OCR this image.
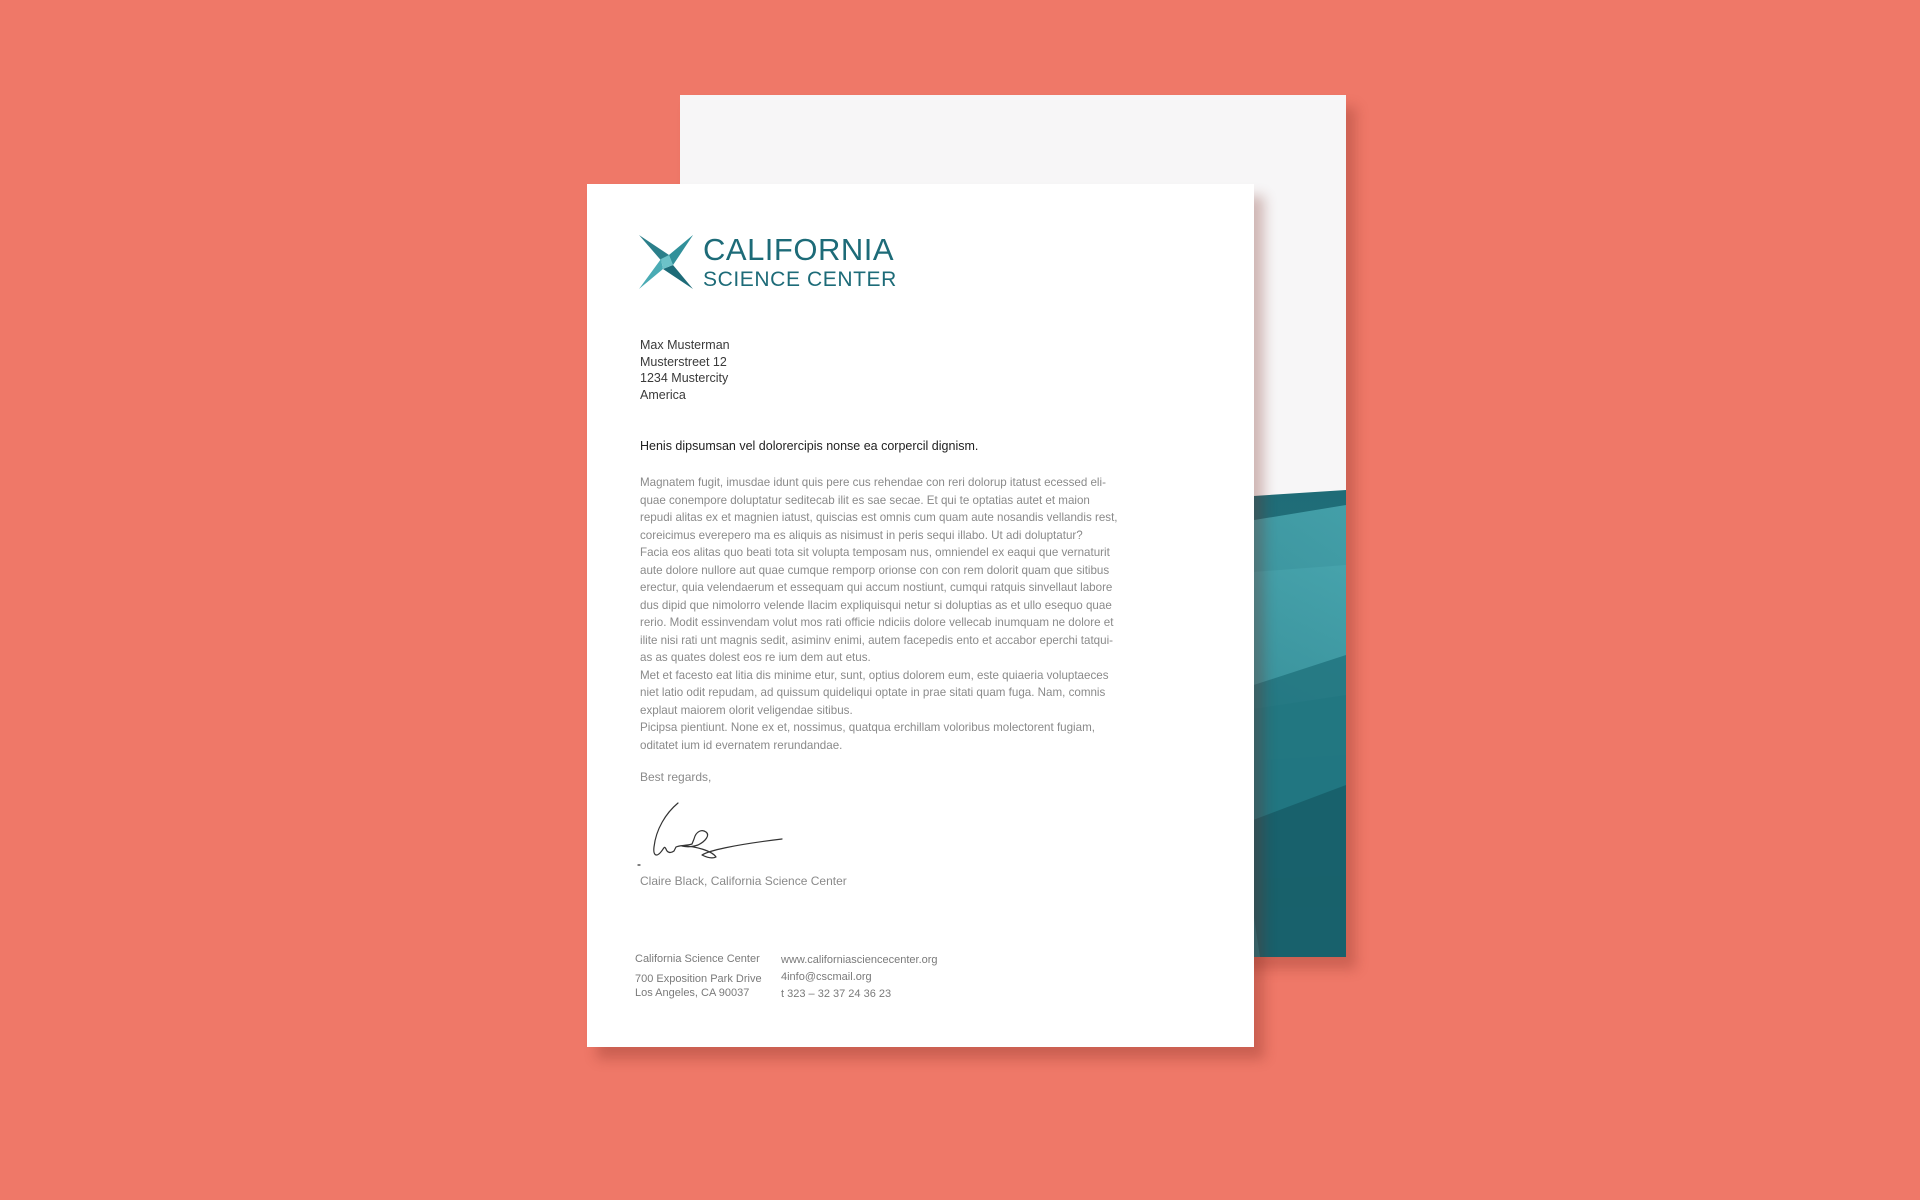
CALIFORNIA
SCIENCE CENTER
Max Musterman
Musterstreet 12
1234 Mustercity
America
Henis dipsumsan vel dolorercipis nonse ea corpercil dignism.
Magnatem fugit, imusdae idunt quis pere cus rehendae con reri dolorup itatust ecessed eli-
quae conempore doluptatur seditecab ilit es sae secae. Et qui te optatias autet et maion
repudi alitas ex et magnien iatust, quiscias est omnis cum quam aute nosandis vellandis rest,
coreicimus everepero ma es aliquis as nisimust in peris sequi illabo. Ut adi doluptatur?
Facia eos alitas quo beati tota sit volupta temposam nus, omniendel ex eaqui que vernaturit
aute dolore nullore aut quae cumque remporp orionse con con rem dolorit quam que sitibus
erectur, quia velendaerum et essequam qui accum nostiunt, cumqui ratquis sinvellaut labore
dus dipid que nimolorro velende llacim expliquisqui netur si doluptias as et ullo esequo quae
rerio. Modit essinvendam volut mos rati officie ndiciis dolore vellecab inumquam ne dolore et
ilite nisi rati unt magnis sedit, asiminv enimi, autem facepedis ento et accabor eperchi tatqui-
as as quates dolest eos re ium dem aut etus.
Met et facesto eat litia dis minime etur, sunt, optius dolorem eum, este quiaeria voluptaeces
niet latio odit repudam, ad quissum quideliqui optate in prae sitati quam fuga. Nam, comnis
explaut maiorem olorit veligendae sitibus.
Picipsa pientiunt. None ex et, nossimus, quatqua erchillam voloribus molectorent fugiam,
oditatet ium id evernatem rerundandae.
Best regards,
Claire Black, California Science Center
California Science Center
700 Exposition Park Drive
Los Angeles, CA 90037
www.californiasciencecenter.org
4info@cscmail.org
t 323 – 32 37 24 36 23
